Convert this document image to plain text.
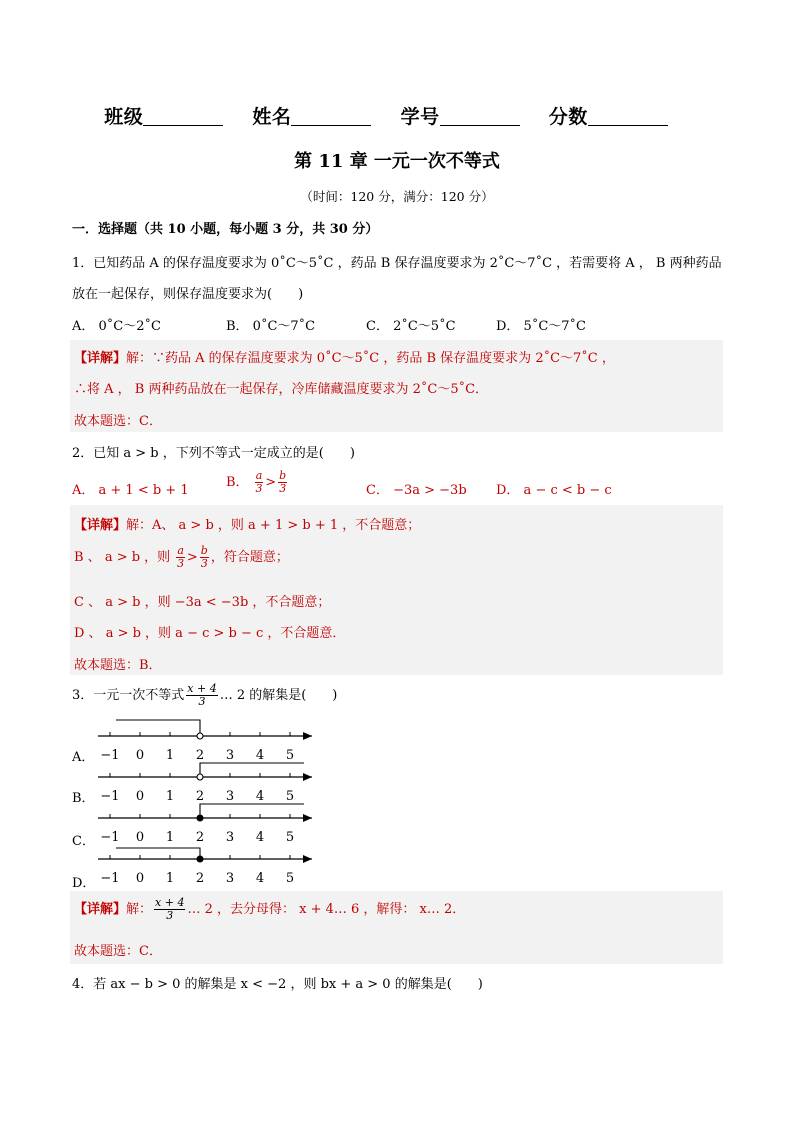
班级	姓名	学号	分数
第 11 章 一元一次不等式
（时间：120 分，满分：120 分）
一．选择题（共 10 小题，每小题 3 分，共 30 分）
1．已知药品 A 的保存温度要求为 0˚C～5˚C ，药品 B 保存温度要求为 2˚C～7˚C ，若需要将 A ， B 两种药品
放在一起保存，则保存温度要求为(　　)
A． 0˚C～2˚C	B． 0˚C～7˚C	C． 2˚C～5˚C	D． 5˚C～7˚C
【详解】解：∵药品 A 的保存温度要求为 0˚C～5˚C ，药品 B 保存温度要求为 2˚C～7˚C ，
∴将 A ， B 两种药品放在一起保存，冷库储藏温度要求为 2˚C～5˚C．
故本题选：C．
2．已知 a > b ，下列不等式一定成立的是(　　)
A． a + 1 < b + 1
B． $\frac{a}{3} > \frac{b}{3}$	C． −3a > −3b D． a − c < b − c
【详解】解：A、 a > b ，则 a + 1 > b + 1 ，不合题意；
B 、 a > b ，则 $\frac{a}{3} > \frac{b}{3}$ ，符合题意；
C 、 a > b ，则 −3a < −3b ，不合题意；
D 、 a > b ，则 a − c > b − c ，不合题意．
故本题选：B．
3．一元一次不等式 $\frac{x + 4}{3}$ … 2 的解集是(　　)
A．
B．
C．
D．
−1 0 1 2 3 4 5
−1 0 1 2 3 4 5
−1 0 1 2 3 4 5
−1 0 1 2 3 4 5
【详解】解： $\frac{x + 4}{3}$ … 2 ，去分母得： x + 4… 6 ，解得： x… 2．
故本题选：C．
4．若 ax − b > 0 的解集是 x < −2 ，则 bx + a > 0 的解集是(　　)
